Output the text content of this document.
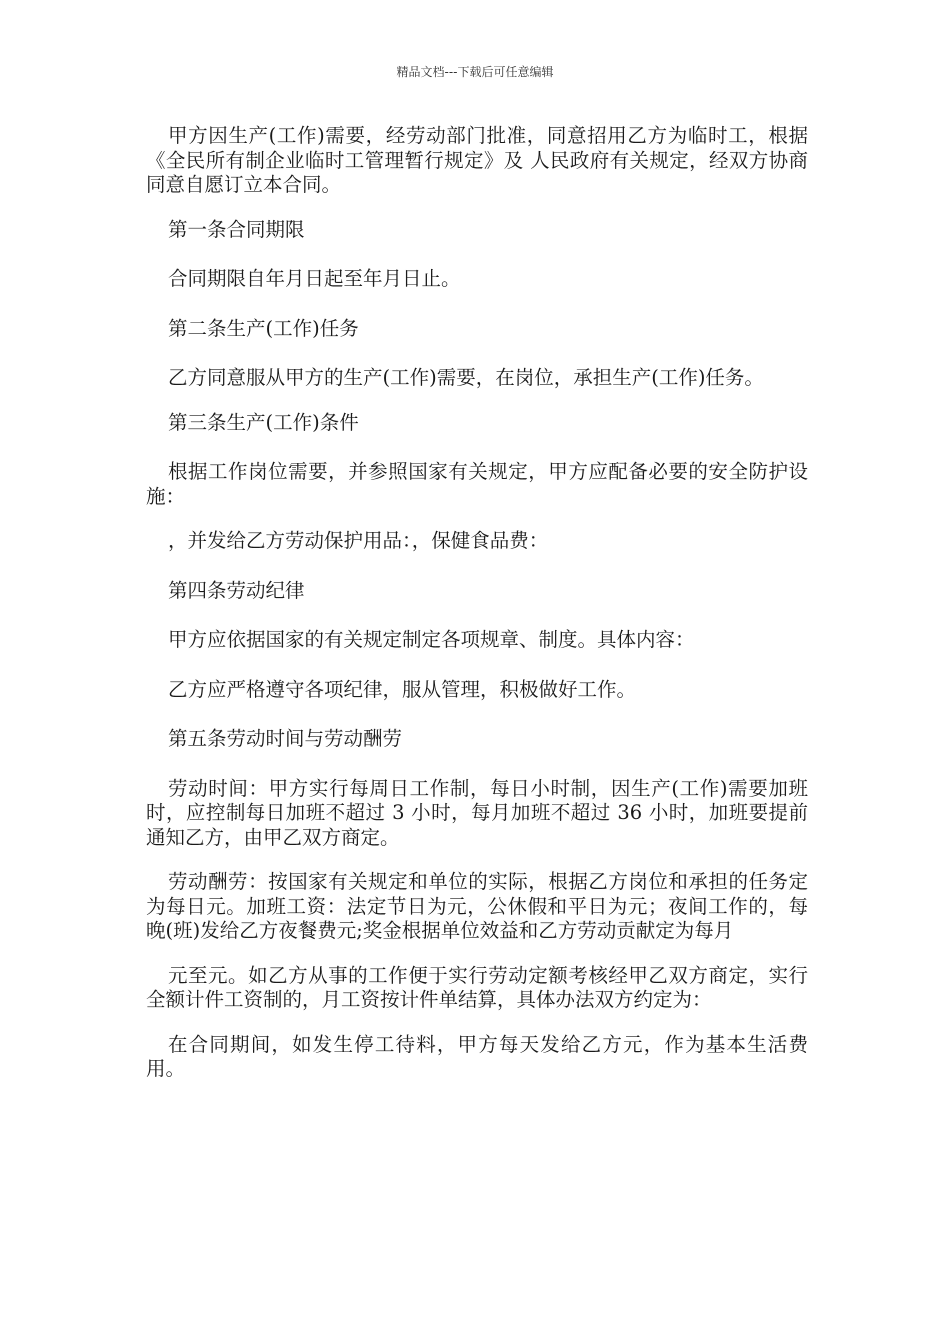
精品文档---下载后可任意编辑

甲方因生产(工作)需要，经劳动部门批准，同意招用乙方为临时工，根据《全民所有制企业临时工管理暂行规定》及 人民政府有关规定，经双方协商同意自愿订立本合同。

第一条合同期限

合同期限自年月日起至年月日止。

第二条生产(工作)任务

乙方同意服从甲方的生产(工作)需要，在岗位，承担生产(工作)任务。

第三条生产(工作)条件

根据工作岗位需要，并参照国家有关规定，甲方应配备必要的安全防护设施：

，并发给乙方劳动保护用品：，保健食品费：

第四条劳动纪律

甲方应依据国家的有关规定制定各项规章、制度。具体内容：

乙方应严格遵守各项纪律，服从管理，积极做好工作。

第五条劳动时间与劳动酬劳

劳动时间：甲方实行每周日工作制，每日小时制，因生产(工作)需要加班时，应控制每日加班不超过 3 小时，每月加班不超过 36 小时，加班要提前通知乙方，由甲乙双方商定。

劳动酬劳：按国家有关规定和单位的实际，根据乙方岗位和承担的任务定为每日元。加班工资：法定节日为元，公休假和平日为元；夜间工作的，每晚(班)发给乙方夜餐费元;奖金根据单位效益和乙方劳动贡献定为每月

元至元。如乙方从事的工作便于实行劳动定额考核经甲乙双方商定，实行全额计件工资制的，月工资按计件单结算，具体办法双方约定为：

在合同期间，如发生停工待料，甲方每天发给乙方元，作为基本生活费用。
